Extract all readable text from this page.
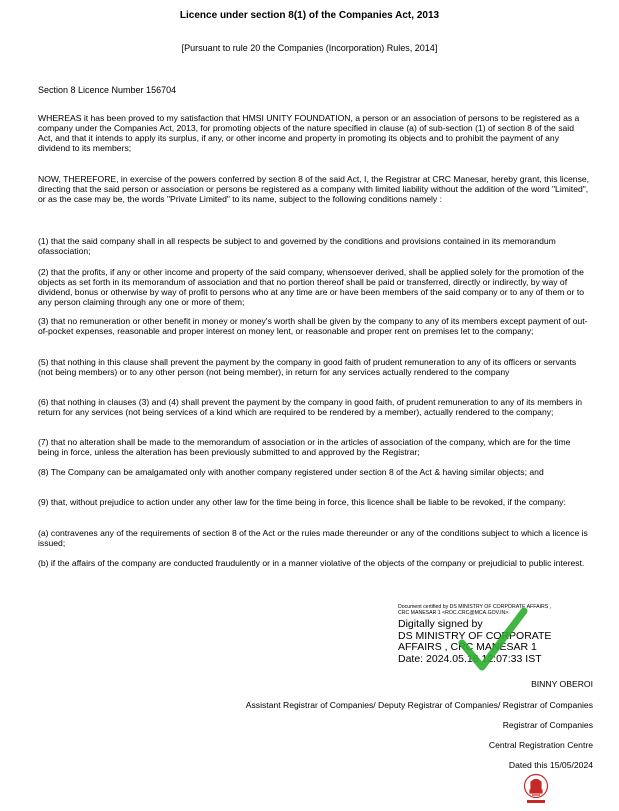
Licence under section 8(1) of the Companies Act, 2013
[Pursuant to rule 20 the Companies (Incorporation) Rules, 2014]
Section 8 Licence Number 156704

WHEREAS it has been proved to my satisfaction that HMSI UNITY FOUNDATION, a person or an association of persons to be registered as a company under the Companies Act, 2013, for promoting objects of the nature specified in clause (a) of sub-section (1) of section 8 of the said Act, and that it intends to apply its surplus, if any, or other income and property in promoting its objects and to prohibit the payment of any dividend to its members;

NOW, THEREFORE, in exercise of the powers conferred by section 8 of the said Act, I, the Registrar at CRC Manesar, hereby grant, this license, directing that the said person or association or persons be registered as a company with limited liability without the addition of the word "Limited", or as the case may be, the words "Private Limited" to its name, subject to the following conditions namely :

(1) that the said company shall in all respects be subject to and governed by the conditions and provisions contained in its memorandum ofassociation;

(2) that the profits, if any or other income and property of the said company, whensoever derived, shall be applied solely for the promotion of the objects as set forth in its memorandum of association and that no portion thereof shall be paid or transferred, directly or indirectly, by way of dividend, bonus or otherwise by way of profit to persons who at any time are or have been members of the said company or to any of them or to any person claiming through any one or more of them;

(3) that no remuneration or other benefit in money or money's worth shall be given by the company to any of its members except payment of out-of-pocket expenses, reasonable and proper interest on money lent, or reasonable and proper rent on premises let to the company;

(5) that nothing in this clause shall prevent the payment by the company in good faith of prudent remuneration to any of its officers or servants (not being members) or to any other person (not being member), in return for any services actually rendered to the company

(6) that nothing in clauses (3) and (4) shall prevent the payment by the company in good faith, of prudent remuneration to any of its members in return for any services (not being services of a kind which are required to be rendered by a member), actually rendered to the company;

(7) that no alteration shall be made to the memorandum of association or in the articles of association of the company, which are for the time being in force, unless the alteration has been previously submitted to and approved by the Registrar;

(8) The Company can be amalgamated only with another company registered under section 8 of the Act & having similar objects; and

(9) that, without prejudice to action under any other law for the time being in force, this licence shall be liable to be revoked, if the company:

(a) contravenes any of the requirements of section 8 of the Act or the rules made thereunder or any of the conditions subject to which a licence is issued;

(b) if the affairs of the company are conducted fraudulently or in a manner violative of the objects of the company or prejudicial to public interest.

Document certified by DS MINISTRY OF CORPORATE AFFAIRS , CRC MANESAR 1 <ROC.CRC@MCA.GOV.IN>.
Digitally signed by
DS MINISTRY OF CORPORATE
AFFAIRS , CRC MANESAR 1
Date: 2024.05.16 12:07:33 IST
BINNY OBEROI
Assistant Registrar of Companies/ Deputy Registrar of Companies/ Registrar of Companies
Registrar of Companies
Central Registration Centre
Dated this 15/05/2024
